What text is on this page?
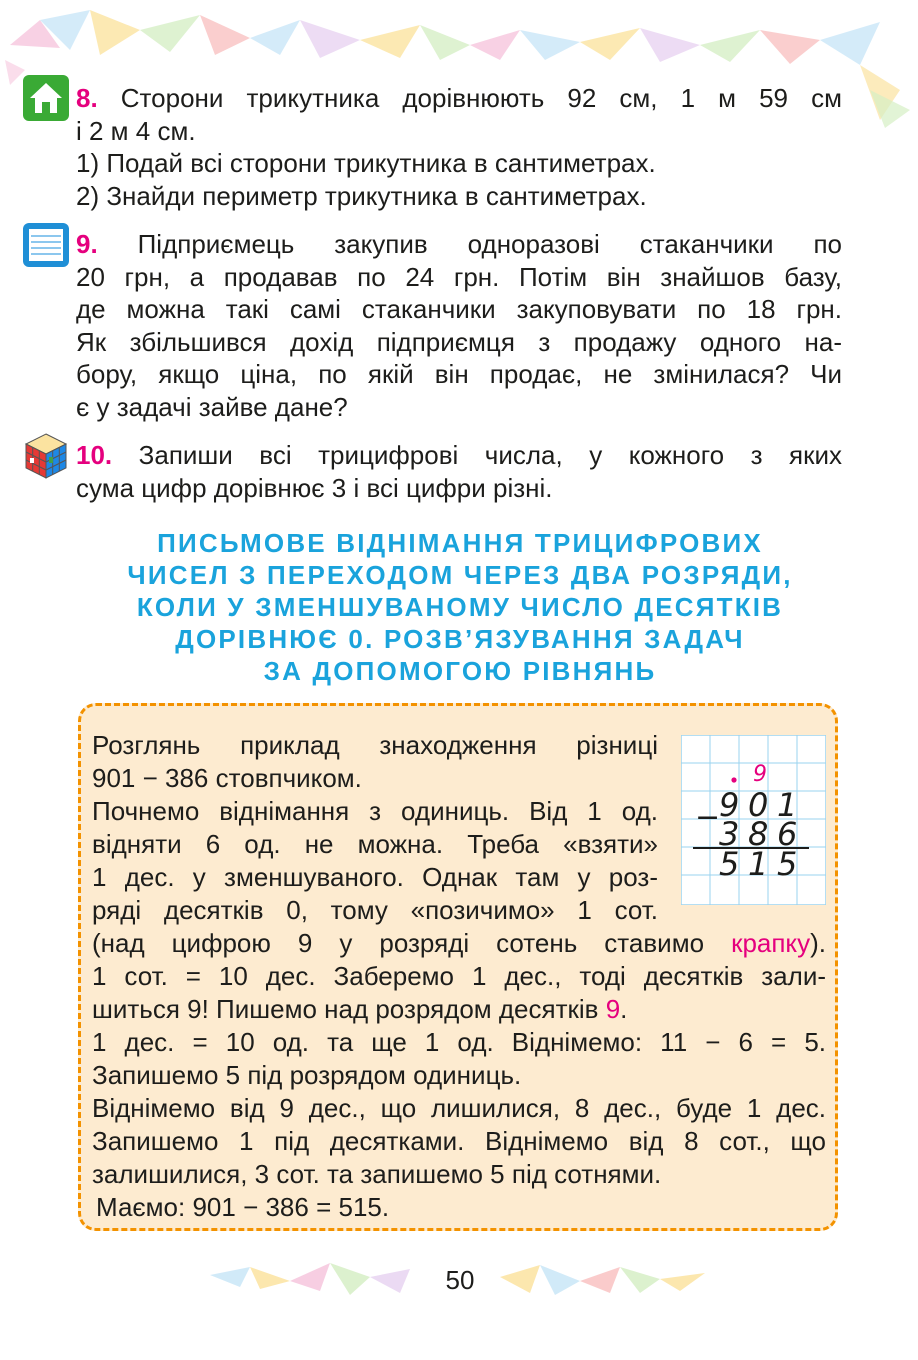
8. Сторони трикутника дорівнюють 92 см, 1 м 59 см
і 2 м 4 см.
1) Подай всі сторони трикутника в сантиметрах.
2) Знайди периметр трикутника в сантиметрах.
9. Підприємець закупив одноразові стаканчики по
20 грн, а продавав по 24 грн. Потім він знайшов базу,
де можна такі самі стаканчики закуповувати по 18 грн.
Як збільшився дохід підприємця з продажу одного на-
бору, якщо ціна, по якій він продає, не змінилася? Чи
є у задачі зайве дане?
10. Запиши всі трицифрові числа, у кожного з яких
сума цифр дорівнює 3 і всі цифри різні.
ПИСЬМОВЕ ВІДНІМАННЯ ТРИЦИФРОВИХ
ЧИСЕЛ З ПЕРЕХОДОМ ЧЕРЕЗ ДВА РОЗРЯДИ,
КОЛИ У ЗМЕНШУВАНОМУ ЧИСЛО ДЕСЯТКІВ
ДОРІВНЮЄ 0. РОЗВ’ЯЗУВАННЯ ЗАДАЧ
ЗА ДОПОМОГОЮ РІВНЯНЬ
9
−
9 0 1
3 8 6
5 1 5
Розглянь приклад знаходження різниці
901 − 386 стовпчиком.
Почнемо віднімання з одиниць. Від 1 од.
відняти 6 од. не можна. Треба «взяти»
1 дес. у зменшуваного. Однак там у роз-
ряді десятків 0, тому «позичимо» 1 сот.
(над цифрою 9 у розряді сотень ставимо крапку).
1 сот. = 10 дес. Заберемо 1 дес., тоді десятків зали-
шиться 9! Пишемо над розрядом десятків 9.
1 дес. = 10 од. та ще 1 од. Віднімемо: 11 − 6 = 5.
Запишемо 5 під розрядом одиниць.
Віднімемо від 9 дес., що лишилися, 8 дес., буде 1 дес.
Запишемо 1 під десятками. Віднімемо від 8 сот., що
залишилися, 3 сот. та запишемо 5 під сотнями.
Маємо: 901 − 386 = 515.
50
